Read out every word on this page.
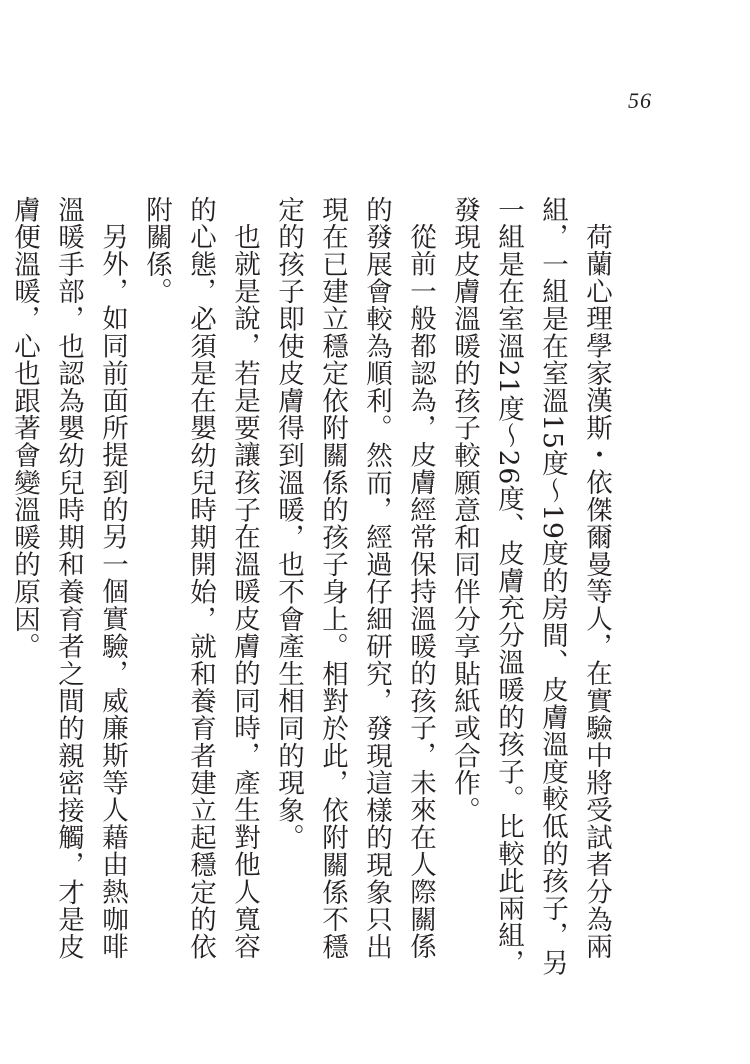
56

荷蘭心理學家漢斯・依傑爾曼等人，在實驗中將受試者分為兩組，一組是在室溫15度～19度的房間、皮膚溫度較低的孩子，另一組是在室溫21度～26度、皮膚充分溫暖的孩子。比較此兩組，發現皮膚溫暖的孩子較願意和同伴分享貼紙或合作。

從前一般都認為，皮膚經常保持溫暖的孩子，未來在人際關係的發展會較為順利。然而，經過仔細研究，發現這樣的現象只出現在已建立穩定依附關係的孩子身上。相對於此，依附關係不穩定的孩子即使皮膚得到溫暖，也不會產生相同的現象。

也就是說，若是要讓孩子在溫暖皮膚的同時，產生對他人寬容的心態，必須是在嬰幼兒時期開始，就和養育者建立起穩定的依附關係。

另外，如同前面所提到的另一個實驗，威廉斯等人藉由熱咖啡溫暖手部，也認為嬰幼兒時期和養育者之間的親密接觸，才是皮膚便溫暖，心也跟著會變溫暖的原因。
